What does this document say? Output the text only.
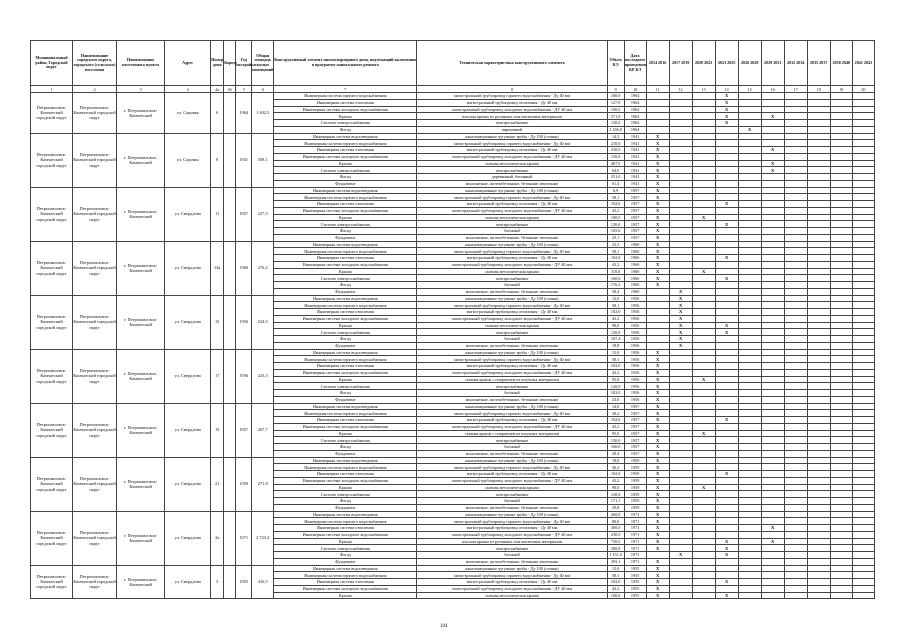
Муниципальный район, Городской округ	Наименование городского округа, городского (сельского) поселения	Наименование населенного пункта	Адрес	Номер дома	Корпус	Год постройки	Общая площадь жилых помещений	Конструктивный элемент многоквартирного дома, подлежащий включению в программу капитального ремонта	Техническая характеристика конструктивного элемента	Объем КЭ	Дата последнего проведения КР КЭ	2014 2016	2017 2019	2020 2022	2023 2025	2026 2028	2029 2031	2032 2034	2035 2037	2038 2040	2041 2043
1	2	3	4	4а	4б	5	6	7	8	9	10	11	12	13	14	15	16	17	18	19	20
Петропавловск-Камчатский городской округ	Петропавловск-Камчатский городской округ	г. Петропавловск-Камчатский	ул. Садовая	6		1964	1 402,5	Инженерная система горячего водоснабжения	магистральный трубопровод горячего водоснабжения - Дy 40 мм	100,0	1964				X						
								Инженерная система отопления	магистральный трубопровод отопления - Дy 40 мм	127,0	1964				X						
								Инженерная система холодного водоснабжения	магистральный трубопровод холодного водоснабжения - ДУ 40 мм	100,0	1964				X						
								Крыша	плоская крыша из рулонных или мастичных материалов	371,0	1964				X		X				
								Система электроснабжения	электроснабжение	120,0	1964				X						
								Фасад	кирпичный	1 236,0	1964					X					
Петропавловск-Камчатский городской округ	Петропавловск-Камчатский городской округ	г. Петропавловск-Камчатский	ул. Садовая	8		1941	358,1	Инженерная система водоотведения	канализационные чугунные трубы - Дy 100 (стояки)	14,3	1941	X									
								Инженерная система горячего водоснабжения	магистральный трубопровод горячего водоснабжения - Дy 40 мм	210,0	1941	X									
								Инженерная система отопления	магистральный трубопровод отопления - Дy 40 мм	230,0	1941	X					X				
								Инженерная система холодного водоснабжения	магистральный трубопровод холодного водоснабжения - ДУ 40 мм	150,0	1941	X									
								Крыша	скатная металлическая крыша	407,0	1941	X					X				
								Система электроснабжения	электроснабжение	64,0	1941	X					X				
								Фасад	деревянный, бетонный	351,0	1941	X									
								Фундамент	монолитные, железобетонные, бетонные ленточные	61,4	1941	X									
Петропавловск-Камчатский городской округ	Петропавловск-Камчатский городской округ	г. Петропавловск-Камчатский	ул. Свердлова	11		1957	227,5	Инженерная система водоотведения	канализационные чугунные трубы - Дy 100 (стояки)	6,9	1957	X									
								Инженерная система горячего водоснабжения	магистральный трубопровод горячего водоснабжения - Дy 40 мм	58,1	1957	X									
								Инженерная система отопления	магистральный трубопровод отопления - Дy 40 мм	102,0	1957	X			X						
								Инженерная система холодного водоснабжения	магистральный трубопровод холодного водоснабжения - ДУ 40 мм	43,2	1957	X									
								Крыша	скатная металлическая крыша	100,0	1957	X		X							
								Система электроснабжения	электроснабжение	120,0	1957	X			X						
								Фасад	блочный	165,6	1957	X									
								Фундамент	монолитные, железобетонные, бетонные ленточные	23,1	1957	X									
Петропавловск-Камчатский городской округ	Петропавловск-Камчатский городской округ	г. Петропавловск-Камчатский	ул. Свердлова	14а		1960	276,2	Инженерная система водоотведения	канализационные чугунные трубы - Дy 100 (стояки)	22,3	1960	X									
								Инженерная система горячего водоснабжения	магистральный трубопровод горячего водоснабжения - Дy 40 мм	58,1	1960	X									
								Инженерная система отопления	магистральный трубопровод отопления - Дy 40 мм	102,0	1960	X			X						
								Инженерная система холодного водоснабжения	магистральный трубопровод холодного водоснабжения - ДУ 40 мм	43,2	1960	X									
								Крыша	скатная металлическая крыша	110,0	1960	X		X							
								Система электроснабжения	электроснабжение	160,0	1960	X			X						
								Фасад	блочный	176,2	1960	X									
								Фундамент	монолитные, железобетонные, бетонные ленточные	38,4	1960		X								
Петропавловск-Камчатский городской округ	Петропавловск-Камчатский городской округ	г. Петропавловск-Камчатский	ул. Свердлова	15		1956	224,5	Инженерная система водоотведения	канализационные чугунные трубы - Дy 100 (стояки)	12,0	1956		X								
								Инженерная система горячего водоснабжения	магистральный трубопровод горячего водоснабжения - Дy 40 мм	58,1	1956		X								
								Инженерная система отопления	магистральный трубопровод отопления - Дy 40 мм	102,0	1956		X								
								Инженерная система холодного водоснабжения	магистральный трубопровод холодного водоснабжения - ДУ 40 мм	43,2	1956		X								
								Крыша	скатная металлическая крыша	98,0	1956		X		X						
								Система электроснабжения	электроснабжение	120,0	1956		X		X						
								Фасад	блочный	107,4	1956		X								
								Фундамент	монолитные, железобетонные, бетонные ленточные	18,8	1956		X								
Петропавловск-Камчатский городской округ	Петропавловск-Камчатский городской округ	г. Петропавловск-Камчатский	ул. Свердлова	17		1956	223,3	Инженерная система водоотведения	канализационные чугунные трубы - Дy 100 (стояки)	12,0	1956	X									
								Инженерная система горячего водоснабжения	магистральный трубопровод горячего водоснабжения - Дy 40 мм	58,1	1956	X									
								Инженерная система отопления	магистральный трубопровод отопления - Дy 40 мм	102,0	1956	X									
								Инженерная система холодного водоснабжения	магистральный трубопровод холодного водоснабжения - ДУ 40 мм	43,2	1956	X									
								Крыша	скатная крыша с покрытием из штучных материалов	95,0	1956	X		X							
								Система электроснабжения	электроснабжение	120,0	1956	X									
								Фасад	блочный	103,0	1956	X									
								Фундамент	монолитные, железобетонные, бетонные ленточные	23,0	1956	X									
Петропавловск-Камчатский городской округ	Петропавловск-Камчатский городской округ	г. Петропавловск-Камчатский	ул. Свердлова	19		1957	267,7	Инженерная система водоотведения	канализационные чугунные трубы - Дy 100 (стояки)	14,0	1957	X									
								Инженерная система горячего водоснабжения	магистральный трубопровод горячего водоснабжения - Дy 40 мм	30,2	1957	X									
								Инженерная система отопления	магистральный трубопровод отопления - Дy 40 мм	102,0	1957	X			X						
								Инженерная система холодного водоснабжения	магистральный трубопровод холодного водоснабжения - ДУ 40 мм	43,2	1957	X									
								Крыша	скатная крыша с покрытием из штучных материалов	95,0	1957	X		X							
								Система электроснабжения	электроснабжение	120,0	1957	X									
								Фасад	блочный	166,0	1957	X									
								Фундамент	монолитные, железобетонные, бетонные ленточные	29,4	1957	X									
Петропавловск-Камчатский городской округ	Петропавловск-Камчатский городской округ	г. Петропавловск-Камчатский	ул. Свердлова	21		1959	271,8	Инженерная система водоотведения	канализационные чугунные трубы - Дy 100 (стояки)	18,0	1959	X									
								Инженерная система горячего водоснабжения	магистральный трубопровод горячего водоснабжения - Дy 40 мм	30,2	1959	X									
								Инженерная система отопления	магистральный трубопровод отопления - Дy 40 мм	102,0	1959	X			X						
								Инженерная система холодного водоснабжения	магистральный трубопровод холодного водоснабжения - ДУ 40 мм	43,2	1959	X									
								Крыша	скатная металлическая крыша	98,0	1959	X		X							
								Система электроснабжения	электроснабжение	120,0	1959	X									
								Фасад	блочный	171,1	1959	X									
								Фундамент	монолитные, железобетонные, бетонные ленточные	29,8	1959	X									
Петропавловск-Камчатский городской округ	Петропавловск-Камчатский городской округ	г. Петропавловск-Камчатский	ул. Свердлова	2а		1971	2 723,4	Инженерная система водоотведения	канализационные чугунные трубы - Дy 100 (стояки)	260,0	1971	X									
								Инженерная система горячего водоснабжения	магистральный трубопровод горячего водоснабжения - Дy 40 мм	80,0	1971	X									
								Инженерная система отопления	магистральный трубопровод отопления - Дy 40 мм	300,0	1971	X					X				
								Инженерная система холодного водоснабжения	магистральный трубопровод холодного водоснабжения - ДУ 40 мм	230,0	1971	X									
								Крыша	плоская крыша из рулонных или мастичных материалов	730,0	1971	X			X		X				
								Система электроснабжения	электроснабжение	300,0	1971	X			X						
								Фасад	блочный	1 151,0	1971		X		X						
								Фундамент	монолитные, железобетонные, бетонные ленточные	293,1	1971	X									
Петропавловск-Камчатский городской округ	Петропавловск-Камчатский городской округ	г. Петропавловск-Камчатский	ул. Свердлова	5		1955	416,5	Инженерная система водоотведения	канализационные чугунные трубы - Дy 100 (стояки)	12,0	1955	X									
								Инженерная система горячего водоснабжения	магистральный трубопровод горячего водоснабжения - Дy 40 мм	58,1	1955	X									
								Инженерная система отопления	магистральный трубопровод отопления - Дy 40 мм	102,0	1955	X			X						
								Инженерная система холодного водоснабжения	магистральный трубопровод холодного водоснабжения - ДУ 40 мм	43,2	1955	X									
								Крыша	скатная металлическая крыша	100,0	1955	X			X						
104
